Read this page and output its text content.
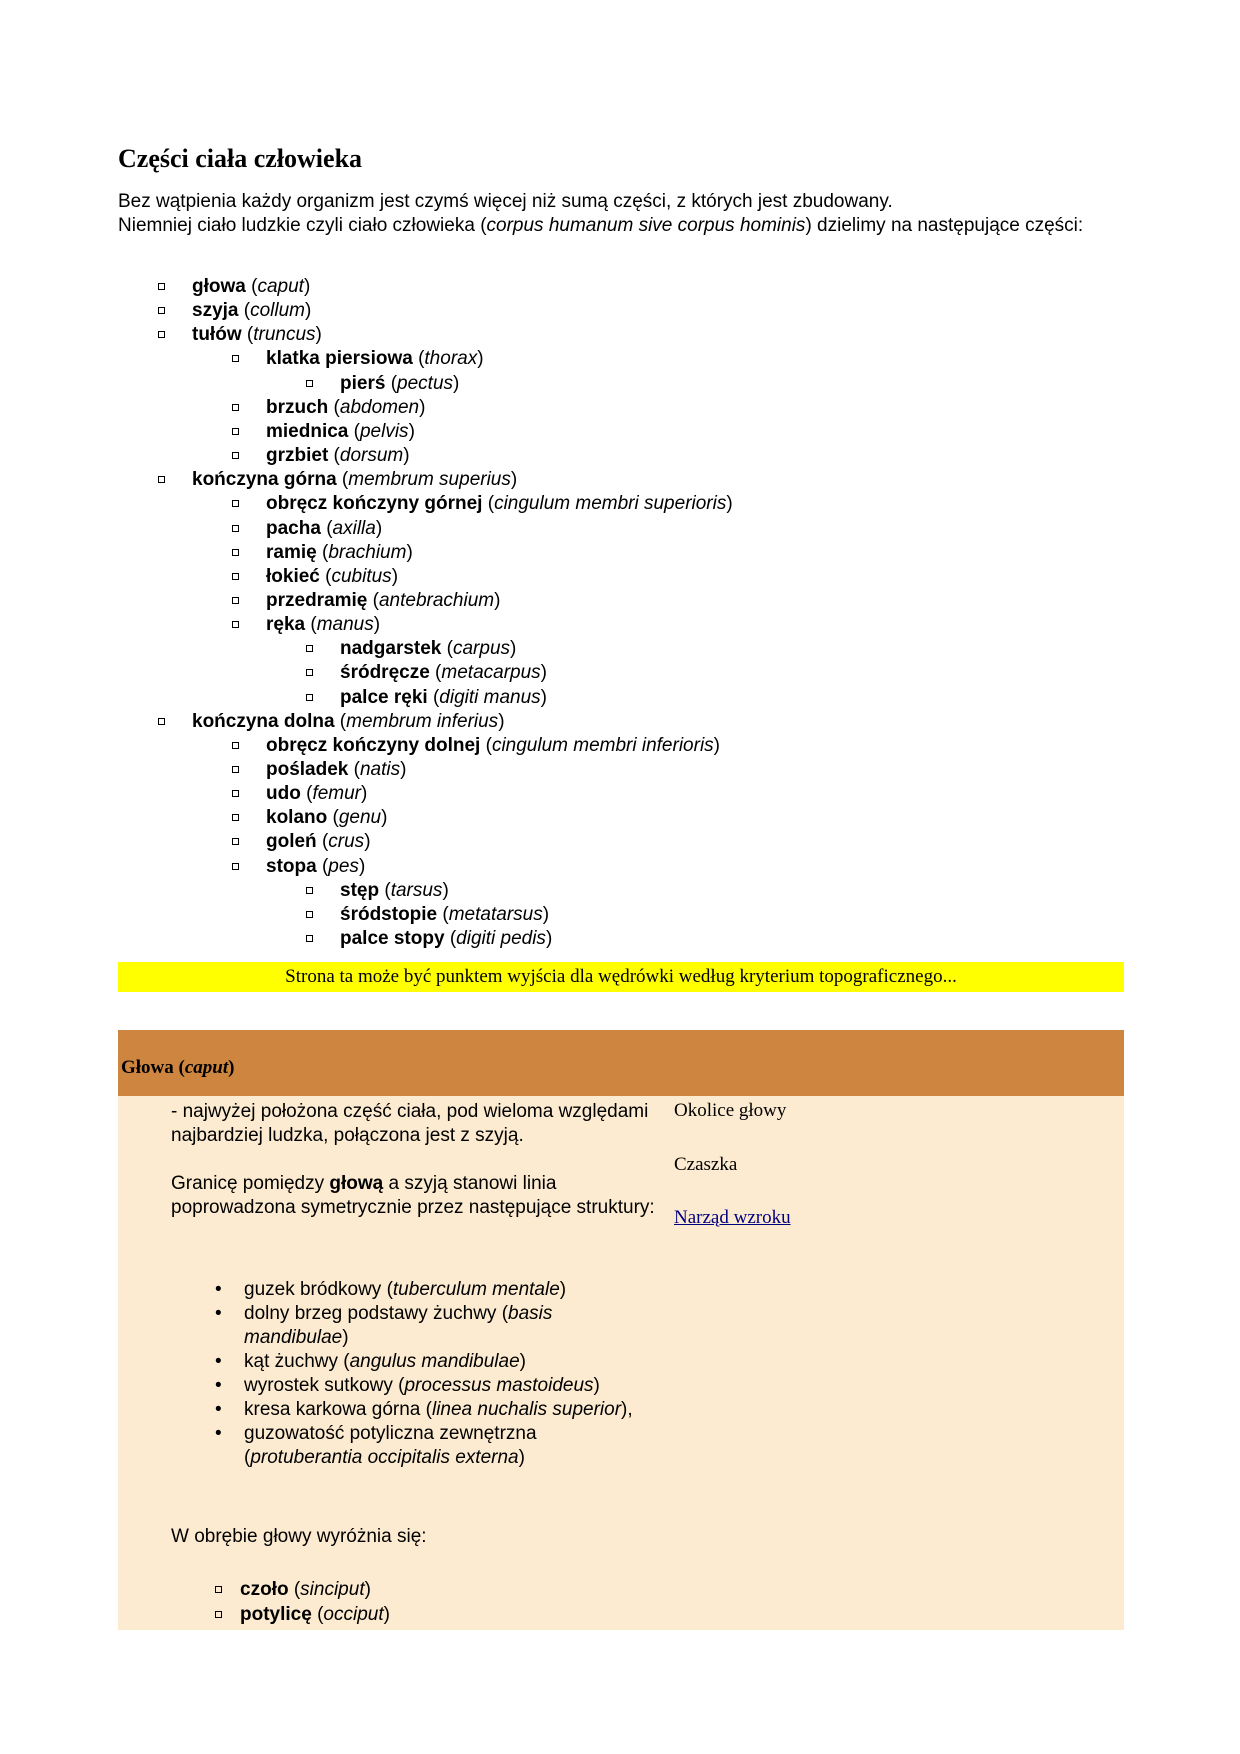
Części ciała człowieka

Bez wątpienia każdy organizm jest czymś więcej niż sumą części, z których jest zbudowany.

Niemniej ciało ludzkie czyli ciało człowieka (corpus humanum sive corpus hominis) dzielimy na następujące części:

głowa (caput)
szyja (collum)
tułów (truncus)
klatka piersiowa (thorax)
pierś (pectus)
brzuch (abdomen)
miednica (pelvis)
grzbiet (dorsum)
kończyna górna (membrum superius)
obręcz kończyny górnej (cingulum membri superioris)
pacha (axilla)
ramię (brachium)
łokieć (cubitus)
przedramię (antebrachium)
ręka (manus)
nadgarstek (carpus)
śródręcze (metacarpus)
palce ręki (digiti manus)
kończyna dolna (membrum inferius)
obręcz kończyny dolnej (cingulum membri inferioris)
pośladek (natis)
udo (femur)
kolano (genu)
goleń (crus)
stopa (pes)
stęp (tarsus)
śródstopie (metatarsus)
palce stopy (digiti pedis)
Strona ta może być punktem wyjścia dla wędrówki według kryterium topograficznego...
Głowa (caput)

- najwyżej położona część ciała, pod wieloma względami najbardziej ludzka, połączona jest z szyją.

Granicę pomiędzy głową a szyją stanowi linia poprowadzona symetrycznie przez następujące struktury:

• guzek bródkowy (tuberculum mentale)
• dolny brzeg podstawy żuchwy (basis mandibulae)
• kąt żuchwy (angulus mandibulae)
• wyrostek sutkowy (processus mastoideus)
• kresa karkowa górna (linea nuchalis superior),
• guzowatość potyliczna zewnętrzna (protuberantia occipitalis externa)
W obrębie głowy wyróżnia się:
czoło (sinciput)
potylicę (occiput)
Okolice głowy
Czaszka
Narząd wzroku
